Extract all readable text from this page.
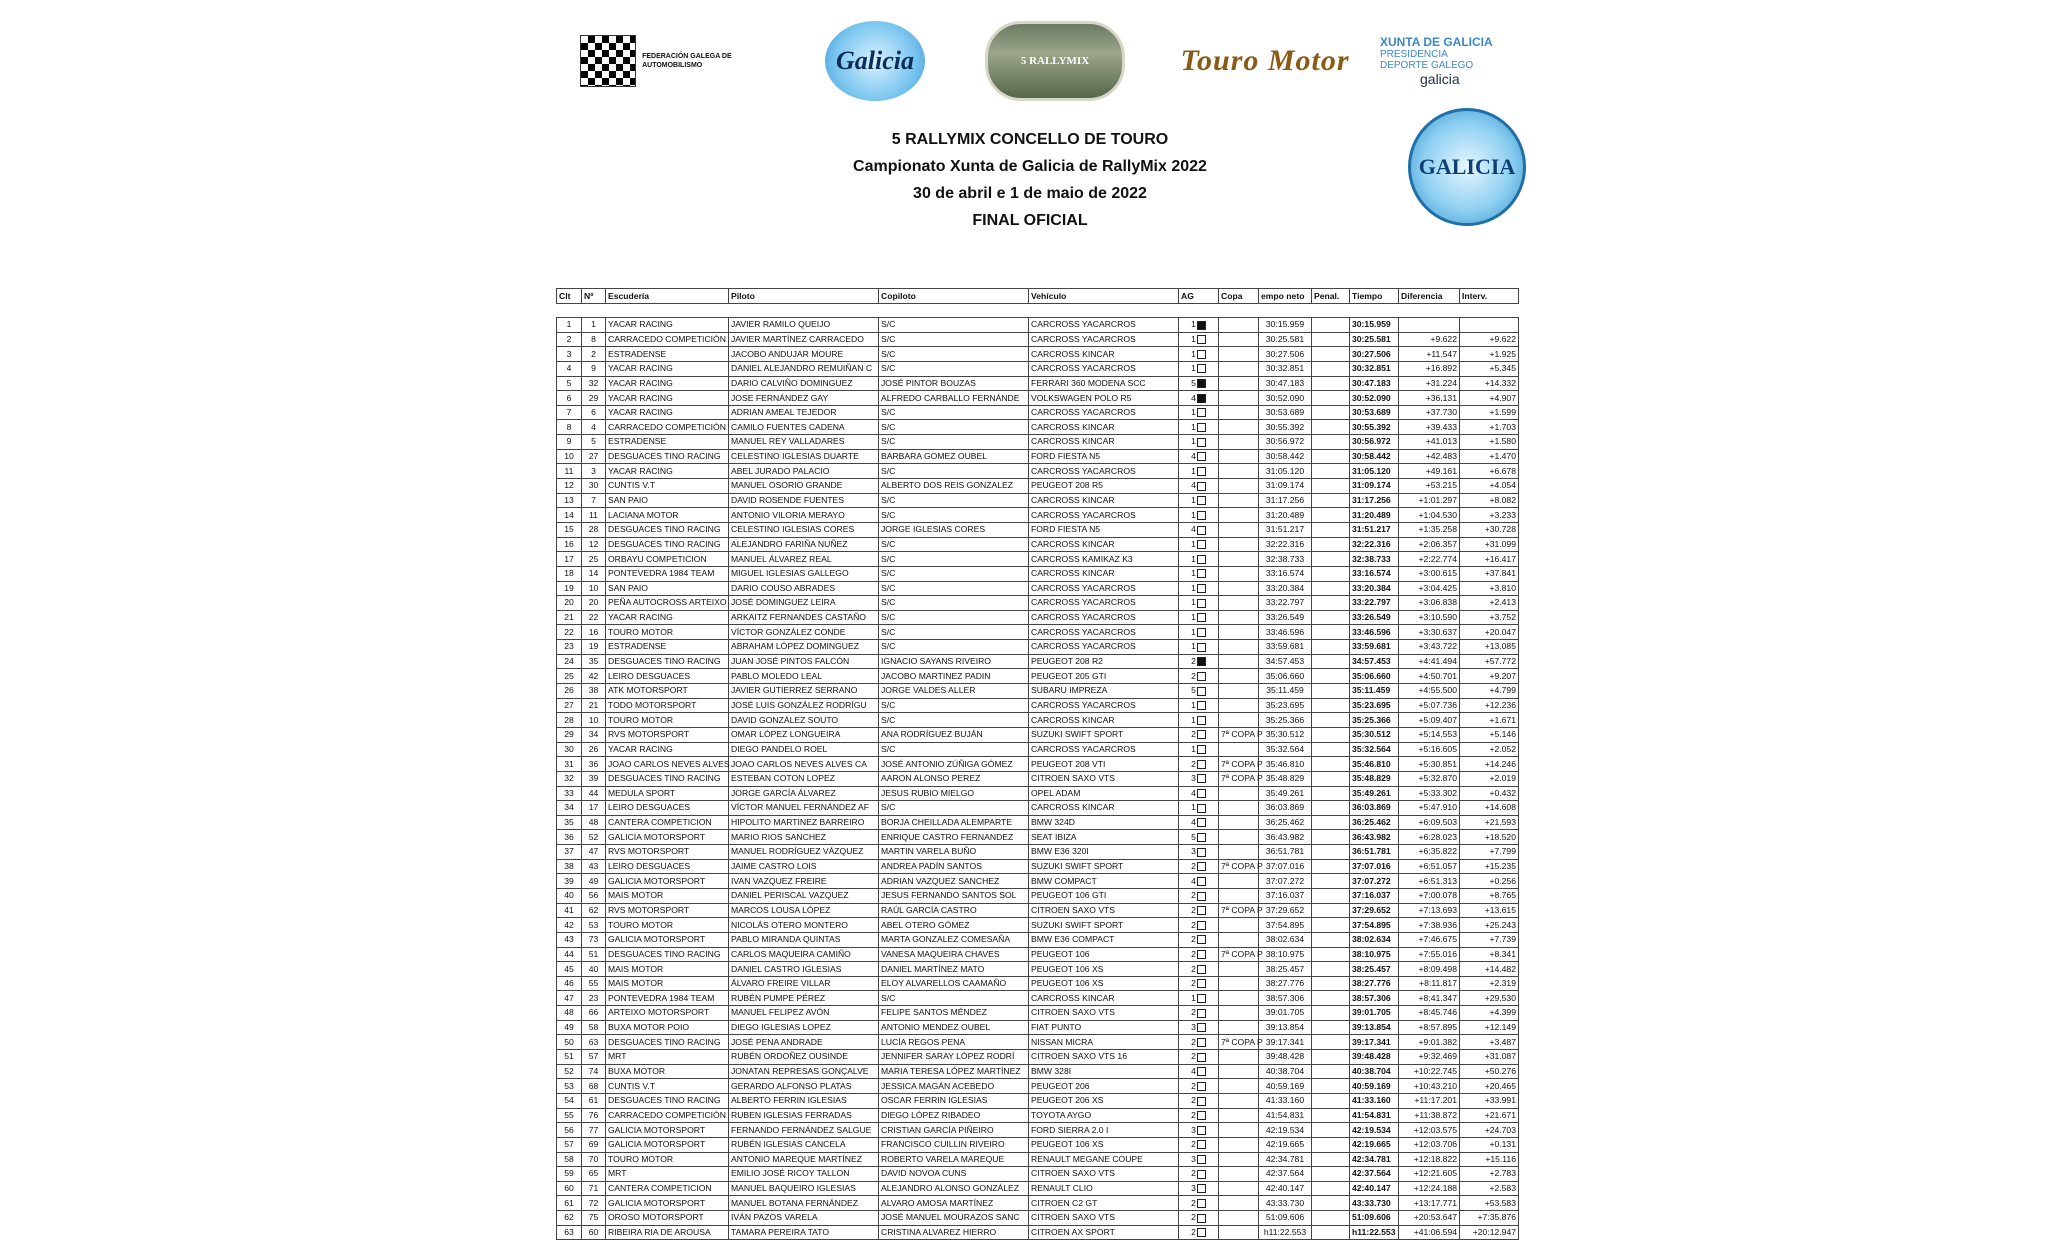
FEDERACIÓN GALEGA DE AUTOMOBILISMO	Galicia	5 RALLYMIX	Touro Motor
XUNTA DE GALICIA
PRESIDENCIA
DEPORTE GALEGO
galicia
GALICIA
5 RALLYMIX CONCELLO DE TOURO
Campionato Xunta de Galicia de RallyMix 2022
30 de abril e 1 de maio de 2022
FINAL OFICIAL
Clt	Nº	Escudería	Piloto	Copiloto	Vehículo	AG	Copa	empo neto	Penal.	Tiempo	Diferencia	Interv.

1	1	YACAR RACING	JAVIER RAMILO QUEIJO	S/C	CARCROSS YACARCROS	1		30:15.959		30:15.959		
2	8	CARRACEDO COMPETICIÓN	JAVIER MARTÍNEZ CARRACEDO	S/C	CARCROSS YACARCROS	1		30:25.581		30:25.581	+9.622	+9.622
3	2	ESTRADENSE	JACOBO ANDUJAR MOURE	S/C	CARCROSS KINCAR	1		30:27.506		30:27.506	+11.547	+1.925
4	9	YACAR RACING	DANIEL ALEJANDRO REMUIÑAN C	S/C	CARCROSS YACARCROS	1		30:32.851		30:32.851	+16.892	+5.345
5	32	YACAR RACING	DARIO CALVIÑO DOMINGUEZ	JOSÉ PINTOR BOUZAS	FERRARI 360 MODENA SCC	5		30:47.183		30:47.183	+31.224	+14.332
6	29	YACAR RACING	JOSE FERNÁNDEZ GAY	ALFREDO CARBALLO FERNÁNDE	VOLKSWAGEN POLO R5	4		30:52.090		30:52.090	+36.131	+4.907
7	6	YACAR RACING	ADRIAN AMEAL TEJEDOR	S/C	CARCROSS YACARCROS	1		30:53.689		30:53.689	+37.730	+1.599
8	4	CARRACEDO COMPETICIÓN	CAMILO FUENTES CADENA	S/C	CARCROSS KINCAR	1		30:55.392		30:55.392	+39.433	+1.703
9	5	ESTRADENSE	MANUEL REY VALLADARES	S/C	CARCROSS KINCAR	1		30:56.972		30:56.972	+41.013	+1.580
10	27	DESGUACES TINO RACING	CELESTINO IGLESIAS DUARTE	BARBARA GOMEZ OUBEL	FORD FIESTA N5	4		30:58.442		30:58.442	+42.483	+1.470
11	3	YACAR RACING	ABEL JURADO PALACIO	S/C	CARCROSS YACARCROS	1		31:05.120		31:05.120	+49.161	+6.678
12	30	CUNTIS V.T	MANUEL OSORIO GRANDE	ALBERTO DOS REIS GONZALEZ	PEUGEOT 208 R5	4		31:09.174		31:09.174	+53.215	+4.054
13	7	SAN PAIO	DAVID ROSENDE FUENTES	S/C	CARCROSS KINCAR	1		31:17.256		31:17.256	+1:01.297	+8.082
14	11	LACIANA MOTOR	ANTONIO VILORIA MERAYO	S/C	CARCROSS YACARCROS	1		31:20.489		31:20.489	+1:04.530	+3.233
15	28	DESGUACES TINO RACING	CELESTINO IGLESIAS CORES	JORGE IGLESIAS CORES	FORD FIESTA N5	4		31:51.217		31:51.217	+1:35.258	+30.728
16	12	DESGUACES TINO RACING	ALEJANDRO FARIÑA NUÑEZ	S/C	CARCROSS KINCAR	1		32:22.316		32:22.316	+2:06.357	+31.099
17	25	ORBAYU COMPETICION	MANUEL ÁLVAREZ REAL	S/C	CARCROSS KAMIKAZ K3	1		32:38.733		32:38.733	+2:22.774	+16.417
18	14	PONTEVEDRA 1984 TEAM	MIGUEL IGLESIAS GALLEGO	S/C	CARCROSS KINCAR	1		33:16.574		33:16.574	+3:00.615	+37.841
19	10	SAN PAIO	DARIO COUSO ABRADES	S/C	CARCROSS YACARCROS	1		33:20.384		33:20.384	+3:04.425	+3.810
20	20	PEÑA AUTOCROSS ARTEIXO	JOSÉ DOMINGUEZ LEIRA	S/C	CARCROSS YACARCROS	1		33:22.797		33:22.797	+3:06.838	+2.413
21	22	YACAR RACING	ARKAITZ FERNANDES CASTAÑO	S/C	CARCROSS YACARCROS	1		33:26.549		33:26.549	+3:10.590	+3.752
22	16	TOURO MOTOR	VÍCTOR GONZÁLEZ CONDE	S/C	CARCROSS YACARCROS	1		33:46.596		33:46.596	+3:30.637	+20.047
23	19	ESTRADENSE	ABRAHAM LÓPEZ DOMINGUEZ	S/C	CARCROSS YACARCROS	1		33:59.681		33:59.681	+3:43.722	+13.085
24	35	DESGUACES TINO RACING	JUAN JOSÉ PINTOS FALCÓN	IGNACIO SAYANS RIVEIRO	PEUGEOT 208 R2	2		34:57.453		34:57.453	+4:41.494	+57.772
25	42	LEIRO DESGUACES	PABLO MOLEDO LEAL	JACOBO MARTINEZ PADIN	PEUGEOT 205 GTI	2		35:06.660		35:06.660	+4:50.701	+9.207
26	38	ATK MOTORSPORT	JAVIER GUTIERREZ SERRANO	JORGE VALDES ALLER	SUBARU IMPREZA	5		35:11.459		35:11.459	+4:55.500	+4.799
27	21	TODO MOTORSPORT	JOSÉ LUIS GONZÁLEZ RODRÍGU	S/C	CARCROSS YACARCROS	1		35:23.695		35:23.695	+5:07.736	+12.236
28	10	TOURO MOTOR	DAVID GONZÁLEZ SOUTO	S/C	CARCROSS KINCAR	1		35:25.366		35:25.366	+5:09.407	+1.671
29	34	RVS MOTORSPORT	OMAR LÓPEZ LONGUEIRA	ANA RODRÍGUEZ BUJÁN	SUZUKI SWIFT SPORT	2	7ª COPA P	35:30.512		35:30.512	+5:14.553	+5.146
30	26	YACAR RACING	DIEGO PANDELO ROEL	S/C	CARCROSS YACARCROS	1		35:32.564		35:32.564	+5:16.605	+2.052
31	36	JOAO CARLOS NEVES ALVES	JOAO CARLOS NEVES ALVES CA	JOSÉ ANTONIO ZÚÑIGA GÓMEZ	PEUGEOT 208 VTI	2	7ª COPA P	35:46.810		35:46.810	+5:30.851	+14.246
32	39	DESGUACES TINO RACING	ESTEBAN COTON LOPEZ	AARON ALONSO PEREZ	CITROEN SAXO VTS	3	7ª COPA P	35:48.829		35:48.829	+5:32.870	+2.019
33	44	MEDULA SPORT	JORGE GARCÍA ÁLVAREZ	JESUS RUBIO MIELGO	OPEL ADAM	4		35:49.261		35:49.261	+5:33.302	+0.432
34	17	LEIRO DESGUACES	VÍCTOR MANUEL FERNÁNDEZ AF	S/C	CARCROSS KINCAR	1		36:03.869		36:03.869	+5:47.910	+14.608
35	48	CANTERA COMPETICION	HIPOLITO MARTINEZ BARREIRO	BORJA CHEILLADA ALEMPARTE	BMW 324D	4		36:25.462		36:25.462	+6:09.503	+21.593
36	52	GALICIA MOTORSPORT	MARIO RIOS SANCHEZ	ENRIQUE CASTRO FERNANDEZ	SEAT IBIZA	5		36:43.982		36:43.982	+6:28.023	+18.520
37	47	RVS MOTORSPORT	MANUEL RODRÍGUEZ VÁZQUEZ	MARTIN VARELA BUÑO	BMW E36 320I	3		36:51.781		36:51.781	+6:35.822	+7.799
38	43	LEIRO DESGUACES	JAIME CASTRO LOIS	ANDREA PADÍN SANTOS	SUZUKI SWIFT SPORT	2	7ª COPA P	37:07.016		37:07.016	+6:51.057	+15.235
39	49	GALICIA MOTORSPORT	IVAN VAZQUEZ FREIRE	ADRIAN VAZQUEZ SANCHEZ	BMW COMPACT	4		37:07.272		37:07.272	+6:51.313	+0.256
40	56	MAIS MOTOR	DANIEL PERISCAL VAZQUEZ	JESUS FERNANDO SANTOS SOL	PEUGEOT 106 GTI	2		37:16.037		37:16.037	+7:00.078	+8.765
41	62	RVS MOTORSPORT	MARCOS LOUSA LÓPEZ	RAÚL GARCÍA CASTRO	CITROEN SAXO VTS	2	7ª COPA P	37:29.652		37:29.652	+7:13.693	+13.615
42	53	TOURO MOTOR	NICOLÁS OTERO MONTERO	ABEL OTERO GÓMEZ	SUZUKI SWIFT SPORT	2		37:54.895		37:54.895	+7:38.936	+25.243
43	73	GALICIA MOTORSPORT	PABLO MIRANDA QUINTAS	MARTA GONZALEZ COMESAÑA	BMW E36 COMPACT	2		38:02.634		38:02.634	+7:46.675	+7.739
44	51	DESGUACES TINO RACING	CARLOS MAQUEIRA CAMIÑO	VANESA MAQUEIRA CHAVES	PEUGEOT 106	2	7ª COPA P	38:10.975		38:10.975	+7:55.016	+8.341
45	40	MAIS MOTOR	DANIEL CASTRO IGLESIAS	DANIEL MARTÍNEZ MATO	PEUGEOT 106 XS	2		38:25.457		38:25.457	+8:09.498	+14.482
46	55	MAIS MOTOR	ÁLVARO FREIRE VILLAR	ELOY ALVARELLOS CAAMAÑO	PEUGEOT 106 XS	2		38:27.776		38:27.776	+8:11.817	+2.319
47	23	PONTEVEDRA 1984 TEAM	RUBÉN PUMPE PÉREZ	S/C	CARCROSS KINCAR	1		38:57.306		38:57.306	+8:41.347	+29.530
48	66	ARTEIXO MOTORSPORT	MANUEL FELIPEZ AVÓN	FELIPE SANTOS MÉNDEZ	CITROEN SAXO VTS	2		39:01.705		39:01.705	+8:45.746	+4.399
49	58	BUXA MOTOR POIO	DIEGO IGLESIAS LOPEZ	ANTONIO MENDEZ OUBEL	FIAT PUNTO	3		39:13.854		39:13.854	+8:57.895	+12.149
50	63	DESGUACES TINO RACING	JOSÉ PENA ANDRADE	LUCÍA REGOS PENA	NISSAN MICRA	2	7ª COPA P	39:17.341		39:17.341	+9:01.382	+3.487
51	57	MRT	RUBÉN ORDOÑEZ OUSINDE	JENNIFER SARAY LÓPEZ RODRÍ	CITROEN SAXO VTS 16	2		39:48.428		39:48.428	+9:32.469	+31.087
52	74	BUXA MOTOR	JONATAN REPRESAS GONÇALVE	MARIA TERESA LÓPEZ MARTÍNEZ	BMW 328I	4		40:38.704		40:38.704	+10:22.745	+50.276
53	68	CUNTIS V.T	GERARDO ALFONSO PLATAS	JESSICA MAGÁN ACEBEDO	PEUGEOT 206	2		40:59.169		40:59.169	+10:43.210	+20.465
54	61	DESGUACES TINO RACING	ALBERTO FERRIN IGLESIAS	OSCAR FERRIN IGLESIAS	PEUGEOT 206 XS	2		41:33.160		41:33.160	+11:17.201	+33.991
55	76	CARRACEDO COMPETICIÓN	RUBEN IGLESIAS FERRADAS	DIEGO LÓPEZ RIBADEO	TOYOTA AYGO	2		41:54.831		41:54.831	+11:38.872	+21.671
56	77	GALICIA MOTORSPORT	FERNANDO FERNÁNDEZ SALGUE	CRISTIAN GARCÍA PIÑEIRO	FORD SIERRA 2.0 I	3		42:19.534		42:19.534	+12:03.575	+24.703
57	69	GALICIA MOTORSPORT	RUBÉN IGLESIAS CANCELA	FRANCISCO CUILLIN RIVEIRO	PEUGEOT 106 XS	2		42:19.665		42:19.665	+12:03.706	+0.131
58	70	TOURO MOTOR	ANTONIO MAREQUE MARTÍNEZ	ROBERTO VARELA MAREQUE	RENAULT MEGANE COUPE	3		42:34.781		42:34.781	+12:18.822	+15.116
59	65	MRT	EMILIO JOSÉ RICOY TALLON	DAVID NOVOA CUNS	CITROEN SAXO VTS	2		42:37.564		42:37.564	+12:21.605	+2.783
60	71	CANTERA COMPETICION	MANUEL BAQUEIRO IGLESIAS	ALEJANDRO ALONSO GONZÁLEZ	RENAULT CLIO	3		42:40.147		42:40.147	+12:24.188	+2.583
61	72	GALICIA MOTORSPORT	MANUEL BOTANA FERNÁNDEZ	ALVARO AMOSA MARTÍNEZ	CITROEN C2 GT	2		43:33.730		43:33.730	+13:17.771	+53.583
62	75	OROSO MOTORSPORT	IVÁN PAZOS VARELA	JOSÉ MANUEL MOURAZOS SANC	CITROEN SAXO VTS	2		51:09.606		51:09.606	+20:53.647	+7:35.876
63	60	RIBEIRA RIA DE AROUSA	TAMARA PEREIRA TATO	CRISTINA ALVAREZ HIERRO	CITROEN AX SPORT	2		h11:22.553		h11:22.553	+41:06.594	+20:12.947
